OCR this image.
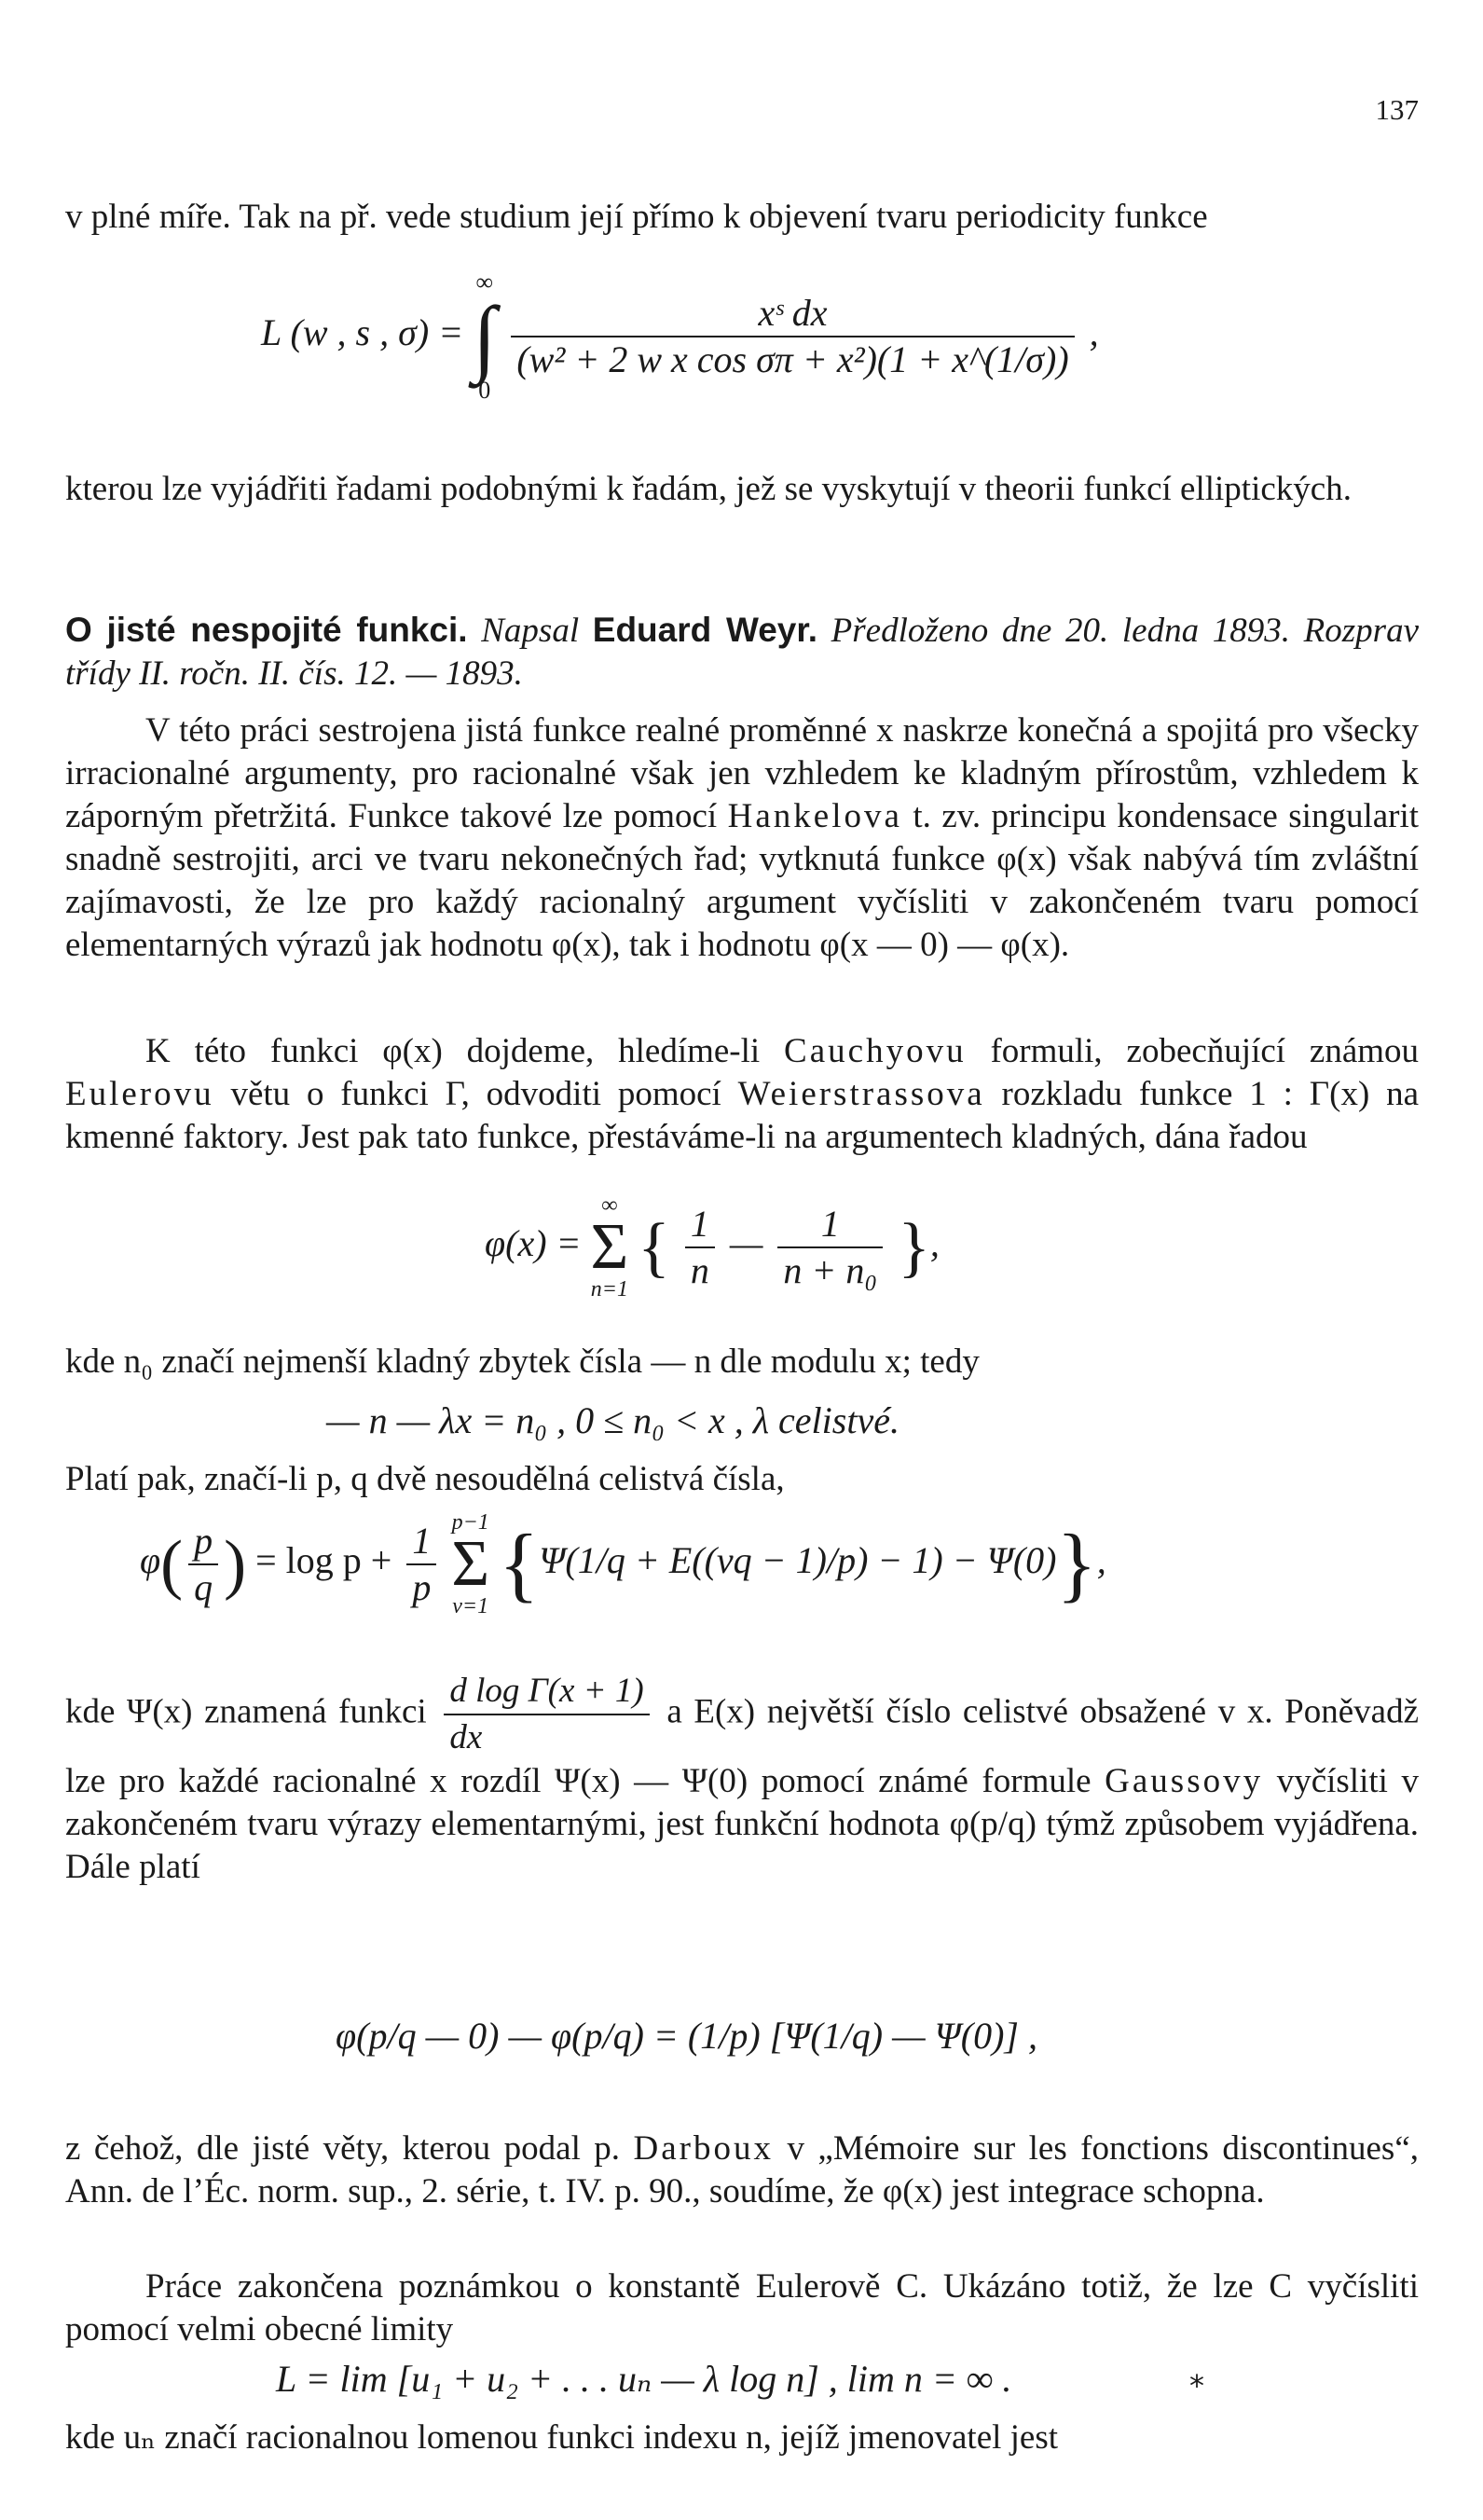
137

v plné míře. Tak na př. vede studium její přímo k objevení tvaru periodicity funkce

L (w , s , σ) =
∞
∫
0

$\frac{\text{xˢ dx}}{\text{(w² + 2 w x cos σπ + x²)(1 + x\textasciicircum{}(1/σ))}}$ ,

kterou lze vyjádřiti řadami podobnými k řadám, jež se vyskytují v theorii funkcí elliptických.

O jisté nespojité funkci. Napsal Eduard Weyr. Předloženo dne 20. ledna 1893. Rozprav třídy II. ročn. II. čís. 12. — 1893.

V této práci sestrojena jistá funkce realné proměnné x naskrze konečná a spojitá pro všecky irracionalné argumenty, pro racionalné však jen vzhledem ke kladným přírostům, vzhledem k záporným přetržitá. Funkce takové lze pomocí Hankelova t. zv. principu kondensace singularit snadně sestrojiti, arci ve tvaru nekonečných řad; vytknutá funkce φ(x) však nabývá tím zvláštní zajímavosti, že lze pro každý racionalný argument vyčísliti v zakončeném tvaru pomocí elementarných výrazů jak hodnotu φ(x), tak i hodnotu φ(x — 0) — φ(x).

K této funkci φ(x) dojdeme, hledíme-li Cauchyovu formuli, zobecňující známou Eulerovu větu o funkci Γ, odvoditi pomocí Weierstrassova rozkladu funkce 1 : Γ(x) na kmenné faktory. Jest pak tato funkce, přestáváme-li na argumentech kladných, dána řadou

φ(x) =
∞
Σ
n=1
{ $\frac{1}{n}$ — $\frac{1}{\text{n + n₀}}$ },

kde n₀ značí nejmenší kladný zbytek čísla — n dle modulu x; tedy

— n — λx = n₀ , 0 ≤ n₀ < x , λ celistvé.

Platí pak, značí-li p, q dvě nesoudělná celistvá čísla,

$\varphi( \frac{p}{q}$ ) = $\log p + \frac{1}{p}$
p−1
Σ
ν=1 {Ψ(1/q + E((νq − 1)/p) − 1) − Ψ(0)},

kde Ψ(x) znamená funkci $\frac{\text{d log Γ(x + 1)}}{dx}$ a E(x) největší číslo celistvé obsažené v x. Poněvadž lze pro každé racionalné x rozdíl Ψ(x) — Ψ(0) pomocí známé formule Gaussovy vyčísliti v zakončeném tvaru výrazy elementarnými, jest funkční hodnota φ(p/q) týmž způsobem vyjádřena. Dále platí

φ(p/q — 0) — φ(p/q) = (1/p) [Ψ(1/q) — Ψ(0)] ,

z čehož, dle jisté věty, kterou podal p. Darboux v „Mémoire sur les fonctions discontinues“, Ann. de l’Éc. norm. sup., 2. série, t. IV. p. 90., soudíme, že φ(x) jest integrace schopna.

Práce zakončena poznámkou o konstantě Eulerově C. Ukázáno totiž, že lze C vyčísliti pomocí velmi obecné limity

L = lim [u₁ + u₂ + . . . uₙ — λ log n] , lim n = ∞ .

kde uₙ značí racionalnou lomenou funkci indexu n, jejíž jmenovatel jest

*
